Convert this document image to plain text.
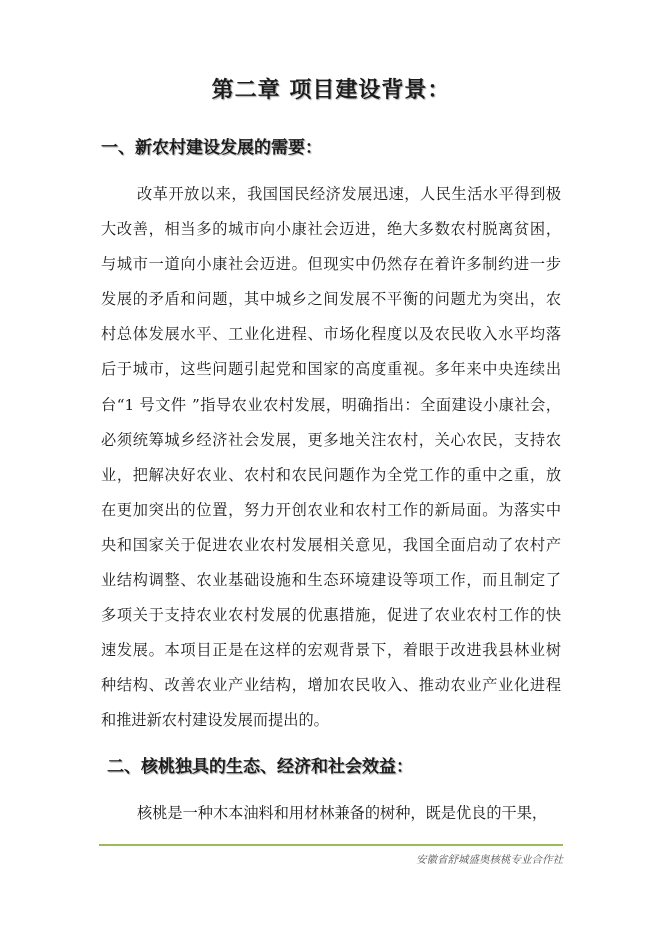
第二章 项目建设背景：
一、新农村建设发展的需要：
改革开放以来，我国国民经济发展迅速，人民生活水平得到极
大改善，相当多的城市向小康社会迈进，绝大多数农村脱离贫困，
与城市一道向小康社会迈进。但现实中仍然存在着许多制约进一步
发展的矛盾和问题，其中城乡之间发展不平衡的问题尤为突出，农
村总体发展水平、工业化进程、市场化程度以及农民收入水平均落
后于城市，这些问题引起党和国家的高度重视。多年来中央连续出
台“1 号文件 ”指导农业农村发展，明确指出：全面建设小康社会，
必须统筹城乡经济社会发展，更多地关注农村，关心农民，支持农
业，把解决好农业、农村和农民问题作为全党工作的重中之重，放
在更加突出的位置，努力开创农业和农村工作的新局面。为落实中
央和国家关于促进农业农村发展相关意见，我国全面启动了农村产
业结构调整、农业基础设施和生态环境建设等项工作，而且制定了
多项关于支持农业农村发展的优惠措施，促进了农业农村工作的快
速发展。本项目正是在这样的宏观背景下，着眼于改进我县林业树
种结构、改善农业产业结构，增加农民收入、推动农业产业化进程
和推进新农村建设发展而提出的。
二、核桃独具的生态、经济和社会效益：
核桃是一种木本油料和用材林兼备的树种，既是优良的干果，
安徽省舒城盛奥核桃专业合作社
